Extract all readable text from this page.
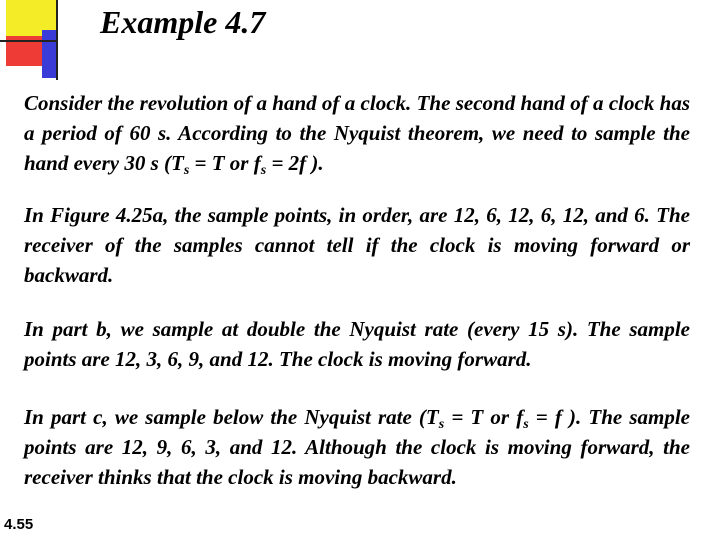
Example 4.7

Consider the revolution of a hand of a clock. The second hand of a clock has a period of 60 s. According to the Nyquist theorem, we need to sample the hand every 30 s ($T_s = T$ or $f_s = 2f$ ).

In Figure 4.25a, the sample points, in order, are 12, 6, 12, 6, 12, and 6. The receiver of the samples cannot tell if the clock is moving forward or backward.

In part b, we sample at double the Nyquist rate (every 15 s). The sample points are 12, 3, 6, 9, and 12. The clock is moving forward.

In part c, we sample below the Nyquist rate ($T_s = T$ or $f_s = f$ ). The sample points are 12, 9, 6, 3, and 12. Although the clock is moving forward, the receiver thinks that the clock is moving backward.

4.55
